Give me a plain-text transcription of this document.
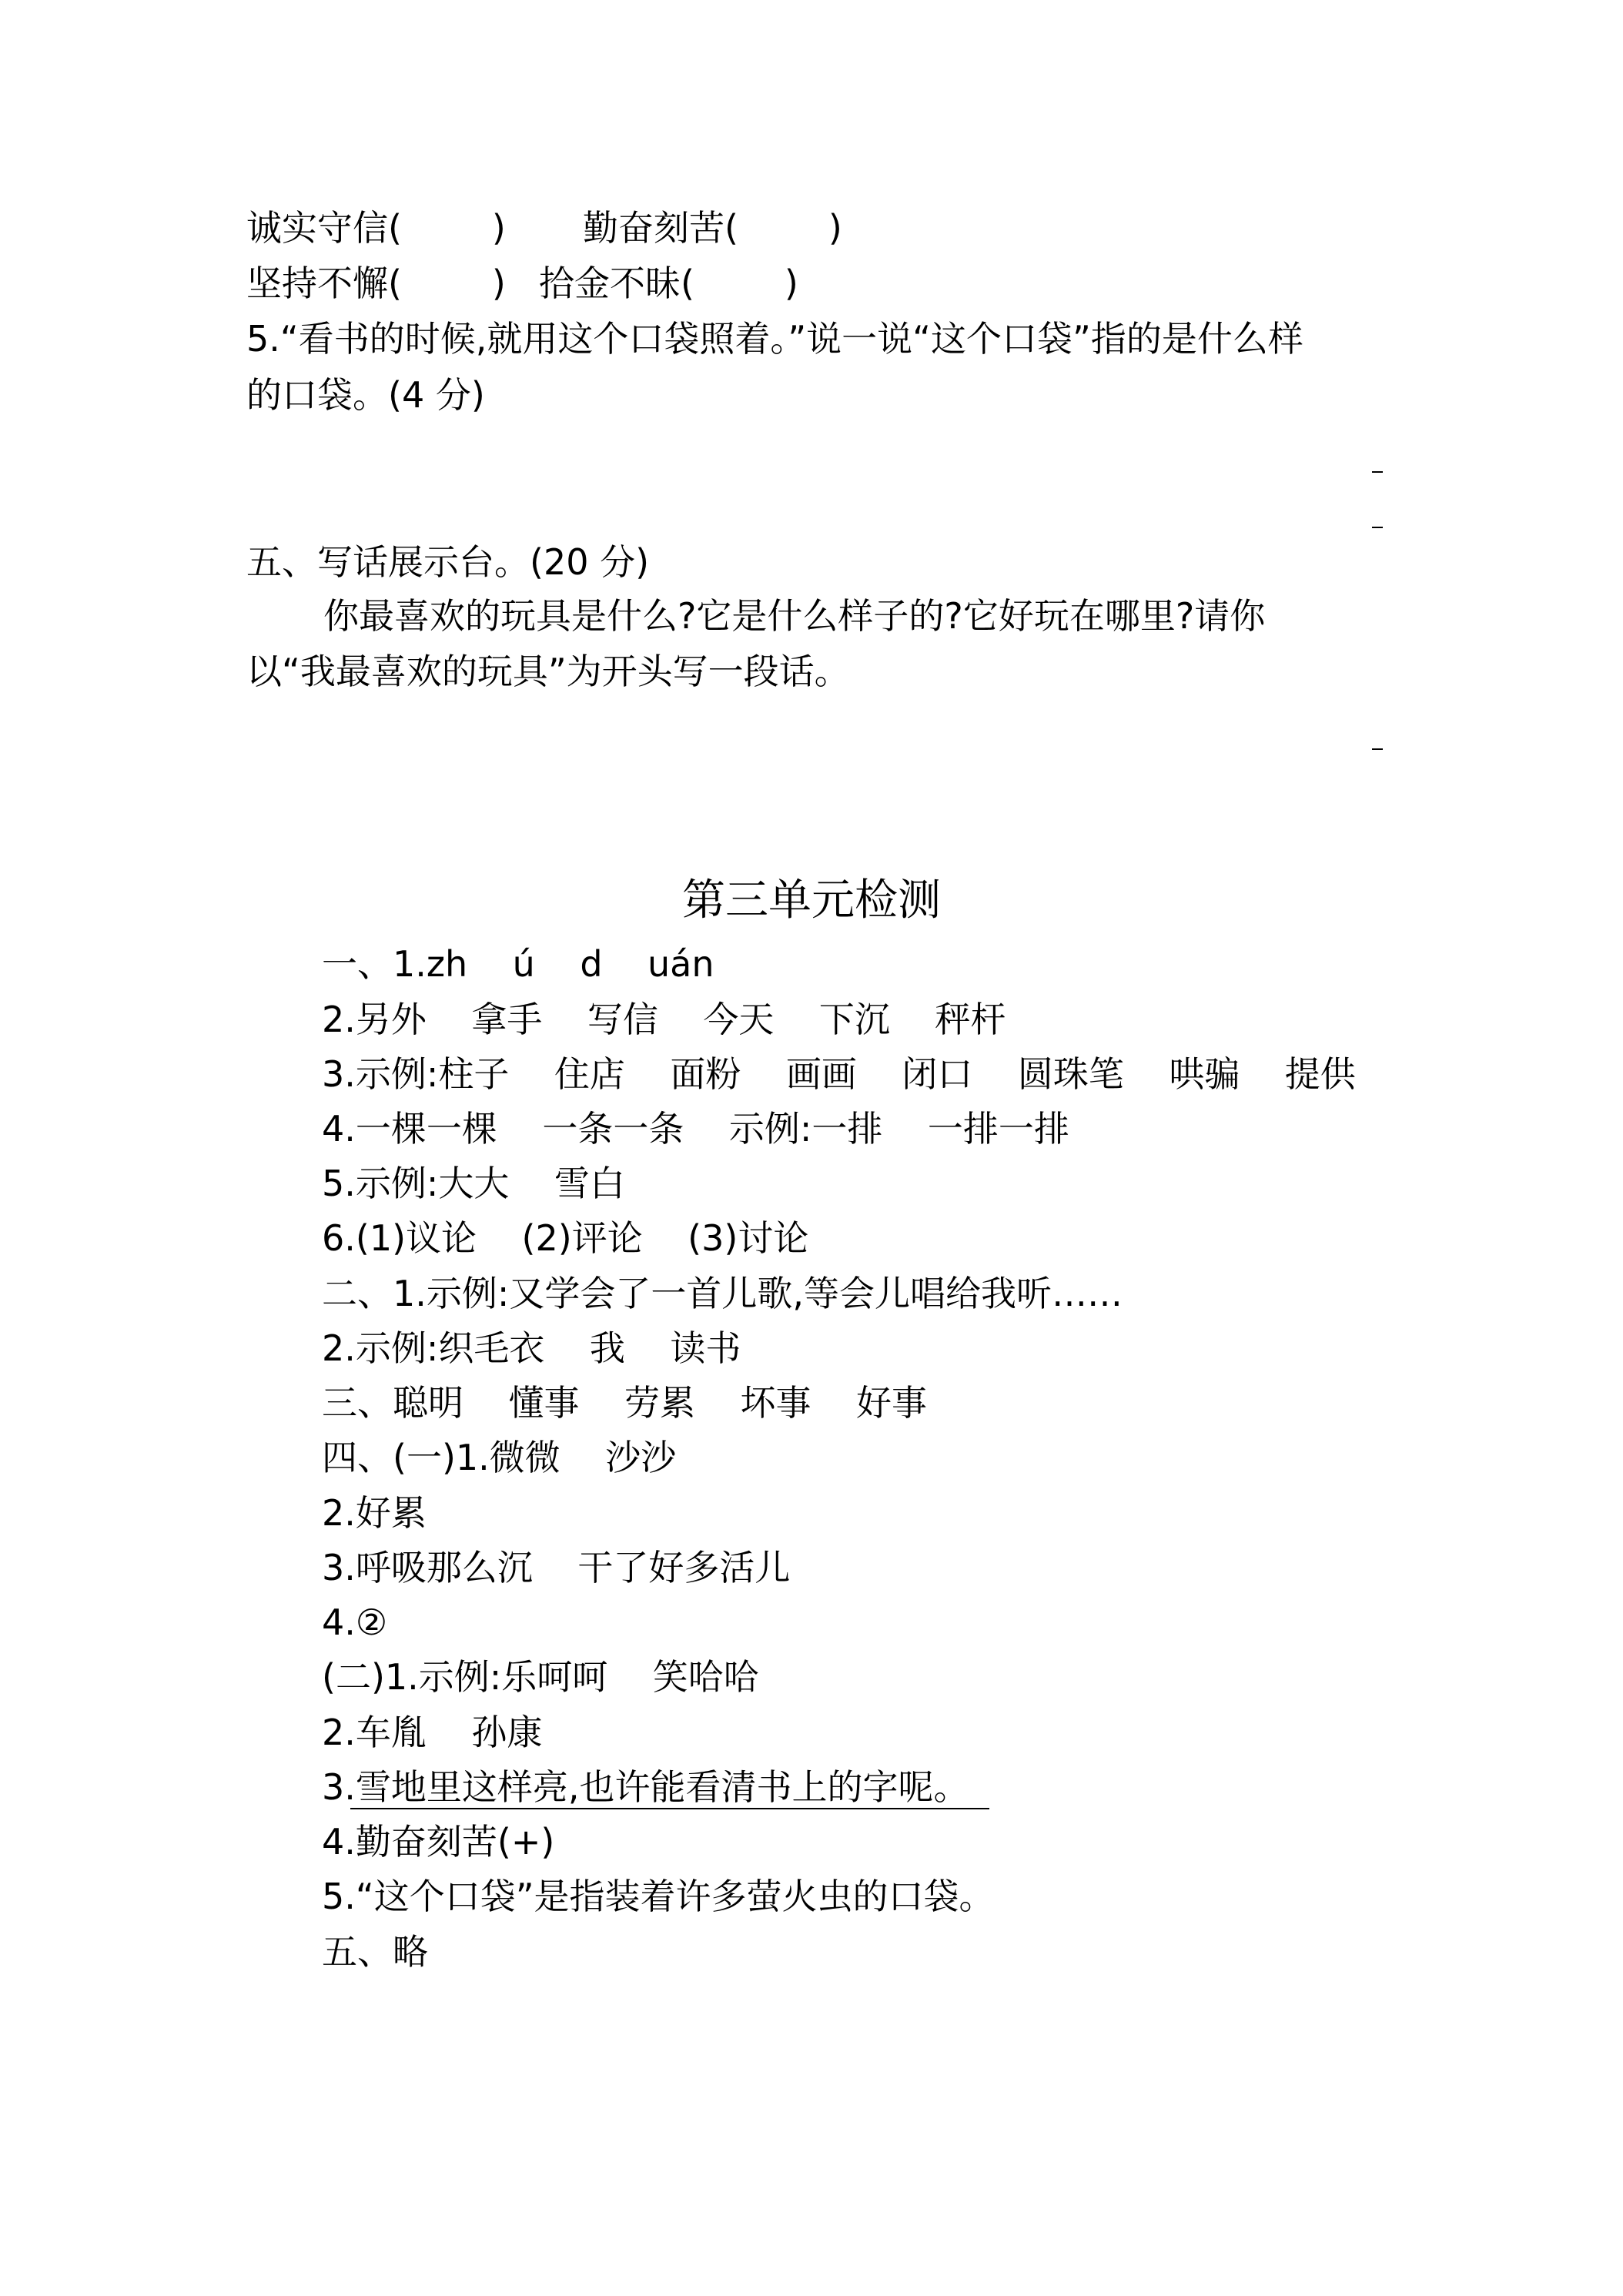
诚实守信(        ) 勤奋刻苦(        )
坚持不懈(        ) 拾金不昧(        )
5.“看书的时候,就用这个口袋照着。”说一说“这个口袋”指的是什么样
的口袋。(4 分)
五、写话展示台。(20 分)
你最喜欢的玩具是什么?它是什么样子的?它好玩在哪里?请你
以“我最喜欢的玩具”为开头写一段话。
第三单元检测
一、1.zh    ú    d    uán
2.另外    拿手    写信    今天    下沉    秤杆
3.示例:柱子    住店    面粉    画画    闭口    圆珠笔    哄骗    提供
4.一棵一棵    一条一条    示例:一排    一排一排
5.示例:大大    雪白
6.(1)议论    (2)评论    (3)讨论
二、1.示例:又学会了一首儿歌,等会儿唱给我听……
2.示例:织毛衣    我    读书
三、聪明    懂事    劳累    坏事    好事
四、(一)1.微微    沙沙
2.好累
3.呼吸那么沉    干了好多活儿
4.②
(二)1.示例:乐呵呵    笑哈哈
2.车胤    孙康
3.雪地里这样亮,也许能看清书上的字呢。
4.勤奋刻苦(+)
5.“这个口袋”是指装着许多萤火虫的口袋。
五、略
